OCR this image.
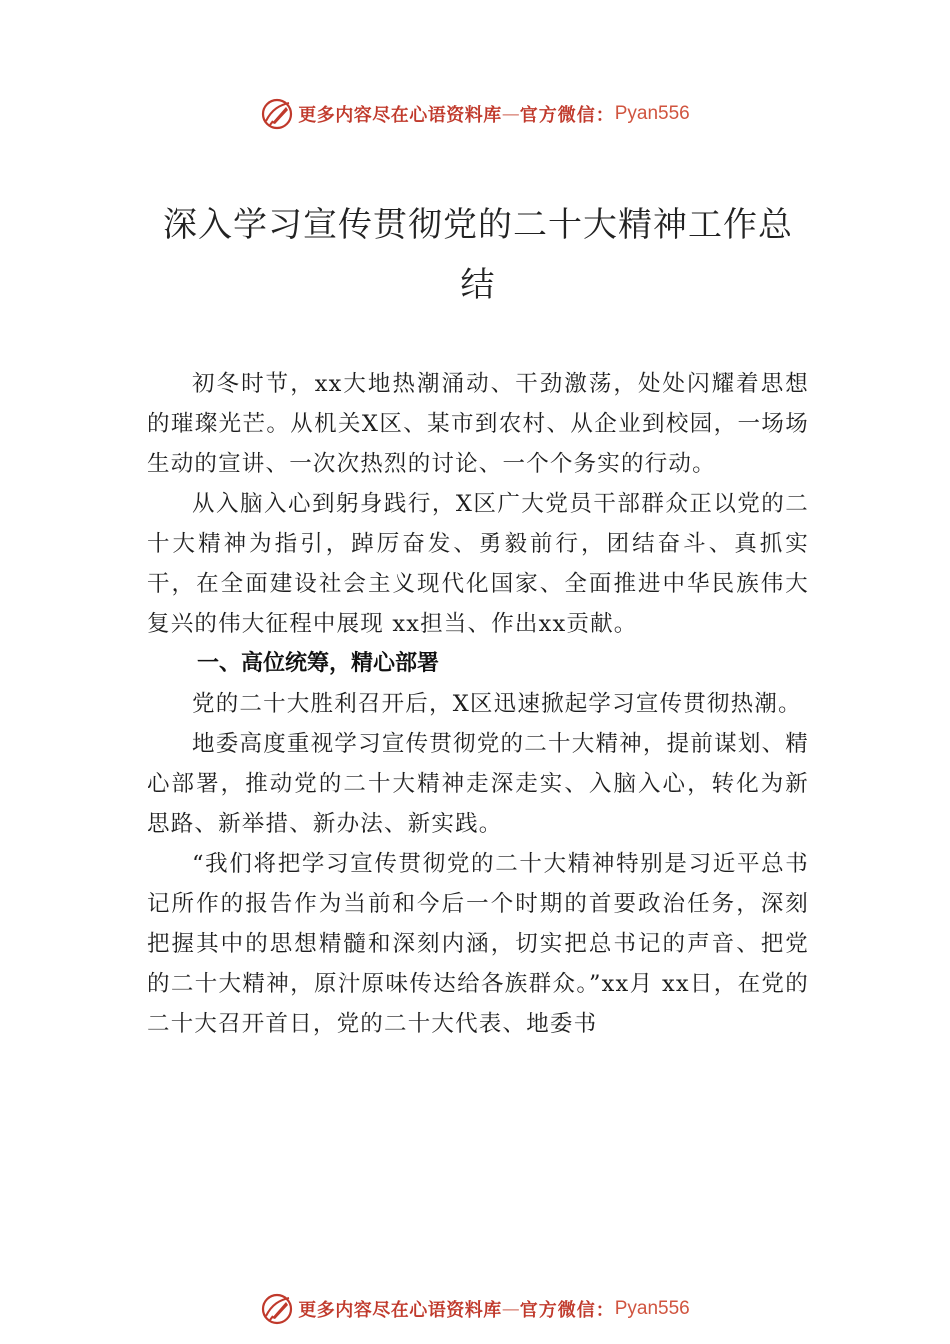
更多内容尽在心语资料库 — 官方微信： Pyan556
深入学习宣传贯彻党的二十大精神工作总
结

初冬时节，xx大地热潮涌动、干劲激荡，处处闪耀着思想的璀璨光芒。从机关X区、某市到农村、从企业到校园，一场场生动的宣讲、一次次热烈的讨论、一个个务实的行动。

从入脑入心到躬身践行，X区广大党员干部群众正以党的二十大精神为指引，踔厉奋发、勇毅前行，团结奋斗、真抓实干，在全面建设社会主义现代化国家、全面推进中华民族伟大复兴的伟大征程中展现 xx担当、作出xx贡献。

一、高位统筹，精心部署

党的二十大胜利召开后，X区迅速掀起学习宣传贯彻热潮。

地委高度重视学习宣传贯彻党的二十大精神，提前谋划、精心部署，推动党的二十大精神走深走实、入脑入心，转化为新思路、新举措、新办法、新实践。

“我们将把学习宣传贯彻党的二十大精神特别是习近平总书记所作的报告作为当前和今后一个时期的首要政治任务，深刻把握其中的思想精髓和深刻内涵，切实把总书记的声音、把党的二十大精神，原汁原味传达给各族群众。”xx月 xx日，在党的二十大召开首日，党的二十大代表、地委书

更多内容尽在心语资料库 — 官方微信： Pyan556
